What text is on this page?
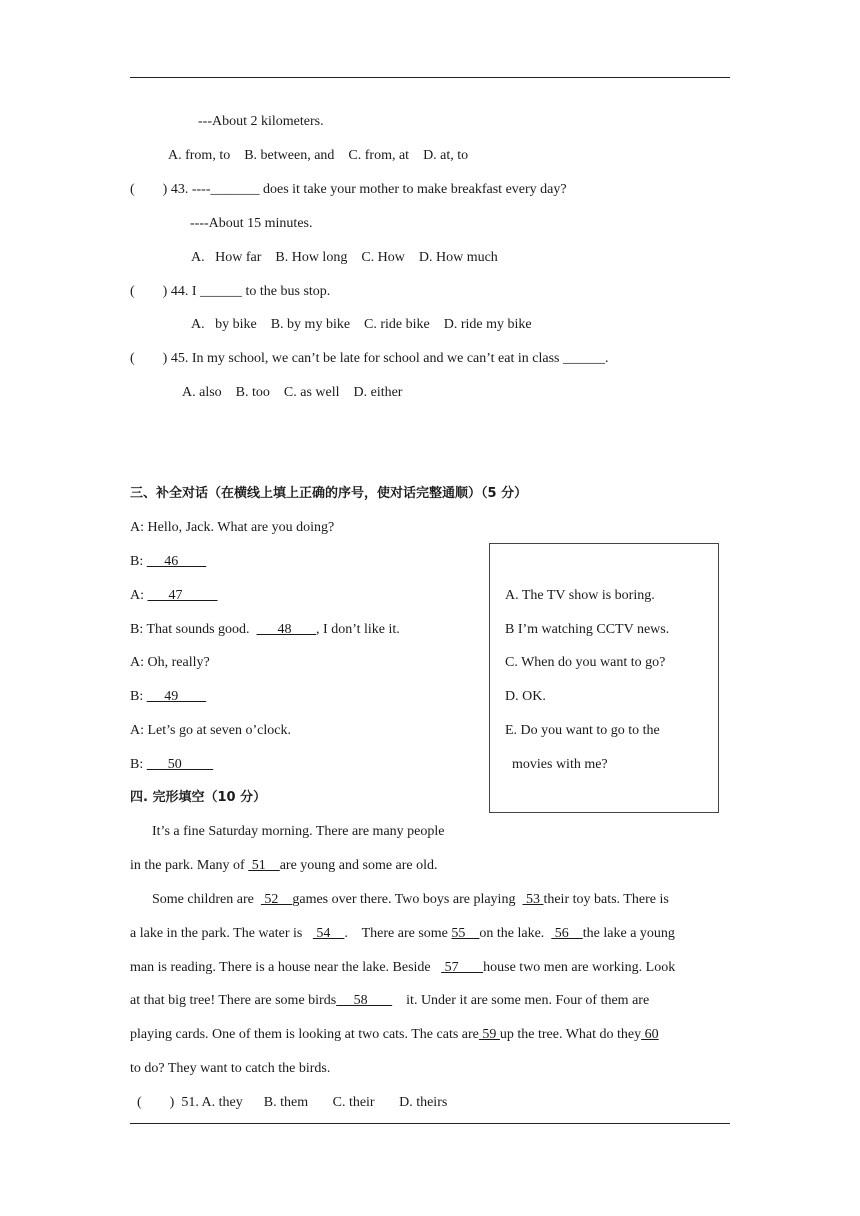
---About 2 kilometers.
A. from, to    B. between, and    C. from, at    D. at, to
(        ) 43. ----_______ does it take your mother to make breakfast every day?
----About 15 minutes.
A.   How far    B. How long    C. How    D. How much
(        ) 44. I ______ to the bus stop.
A.   by bike    B. by my bike    C. ride bike    D. ride my bike
(        ) 45. In my school, we can’t be late for school and we can’t eat in class ______.
A. also    B. too    C. as well    D. either
三、补全对话（在横线上填上正确的序号，使对话完整通顺）（5 分）
A: Hello, Jack. What are you doing?
B:      46
A:       47
B: That sounds good.        48       , I don’t like it.
A: Oh, really?
B:      49
A: Let’s go at seven o’clock.
B:       50
A. The TV show is boring.
B I’m watching CCTV news.
C. When do you want to go?
D. OK.
E. Do you want to go to the
movies with me?
四. 完形填空（10 分）
It’s a fine Saturday morning. There are many people
in the park. Many of  51    are young and some are old.
Some children are   52    games over there. Two boys are playing   53 their toy bats. There is
a lake in the park. The water is    54    .    There are some 55    on the lake.   56    the lake a young
man is reading. There is a house near the lake. Beside    57       house two men are working. Look
at that big tree! There are some birds     58           it. Under it are some men. Four of them are
playing cards. One of them is looking at two cats. The cats are 59 up the tree. What do they 60
to do? They want to catch the birds.
(        )  51. A. they      B. them       C. their       D. theirs
